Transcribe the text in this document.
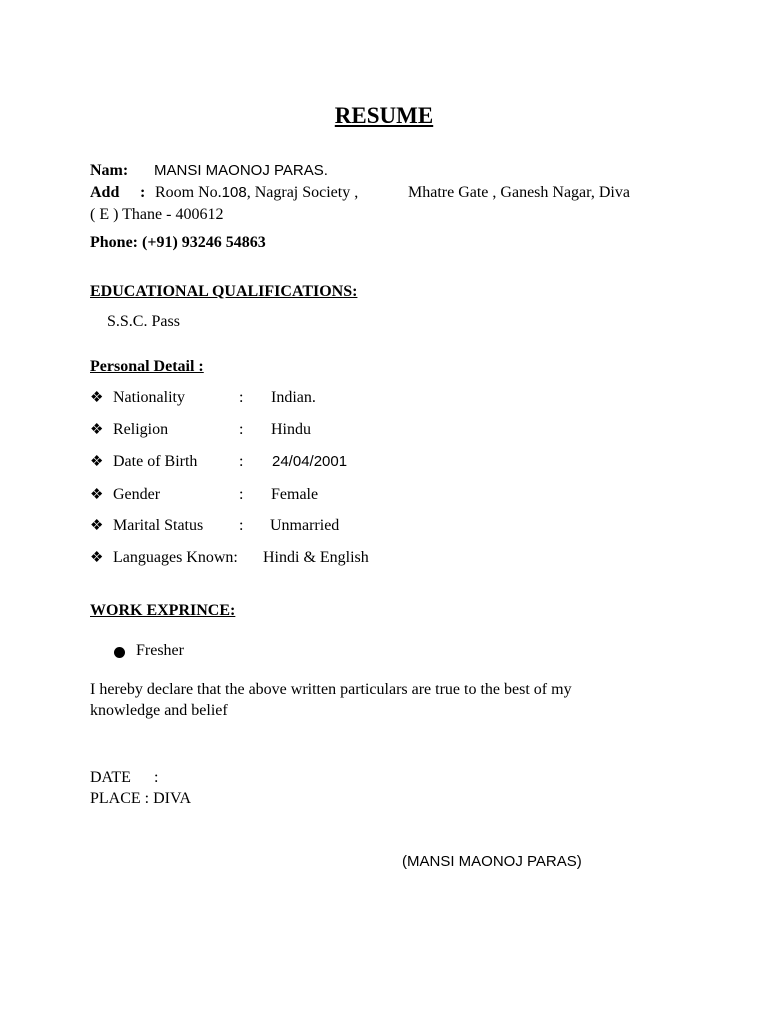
RESUME
Nam: MANSI MAONOJ PARAS.
Add : Room No.108, Nagraj Society ,	Mhatre Gate , Ganesh Nagar, Diva
( E ) Thane - 400612
Phone: (+91) 93246 54863
EDUCATIONAL QUALIFICATIONS:
S.S.C. Pass
Personal Detail :
❖ Nationality	: Indian.
❖ Religion	: Hindu
❖ Date of Birth	: 24/04/2001
❖ Gender	: Female
❖ Marital Status : Unmarried
❖ Languages Known: Hindi & English
WORK EXPRINCE:
Fresher
I hereby declare that the above written particulars are true to the best of my
knowledge and belief
DATE :
PLACE : DIVA
(MANSI MAONOJ PARAS)
